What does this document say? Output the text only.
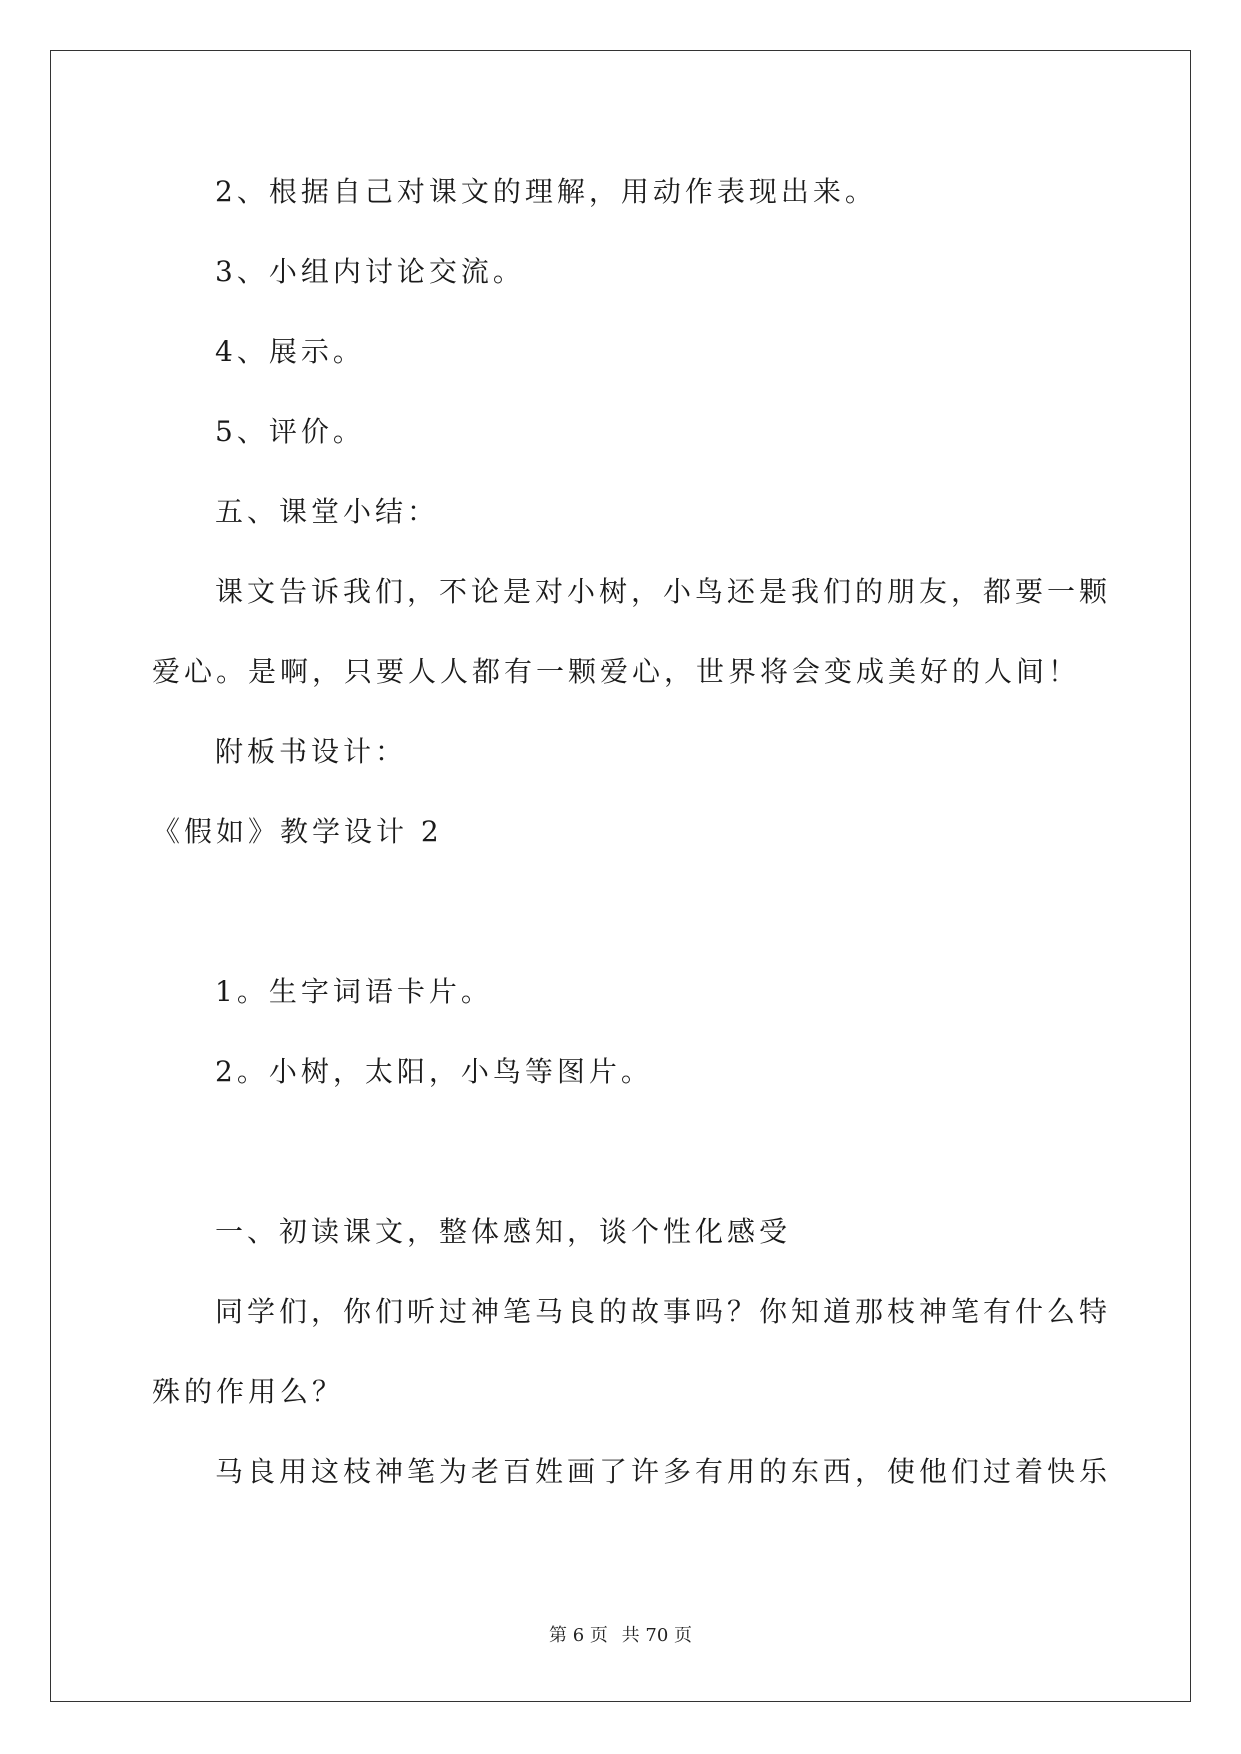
2、根据自己对课文的理解，用动作表现出来。
3、小组内讨论交流。
4、展示。
5、评价。
五、课堂小结：
课文告诉我们，不论是对小树，小鸟还是我们的朋友，都要一颗
爱心。是啊，只要人人都有一颗爱心，世界将会变成美好的人间！
附板书设计：
《假如》教学设计 2
1。生字词语卡片。
2。小树，太阳，小鸟等图片。
一、初读课文，整体感知，谈个性化感受
同学们，你们听过神笔马良的故事吗？你知道那枝神笔有什么特
殊的作用么？
马良用这枝神笔为老百姓画了许多有用的东西，使他们过着快乐
第 6 页 共 70 页
